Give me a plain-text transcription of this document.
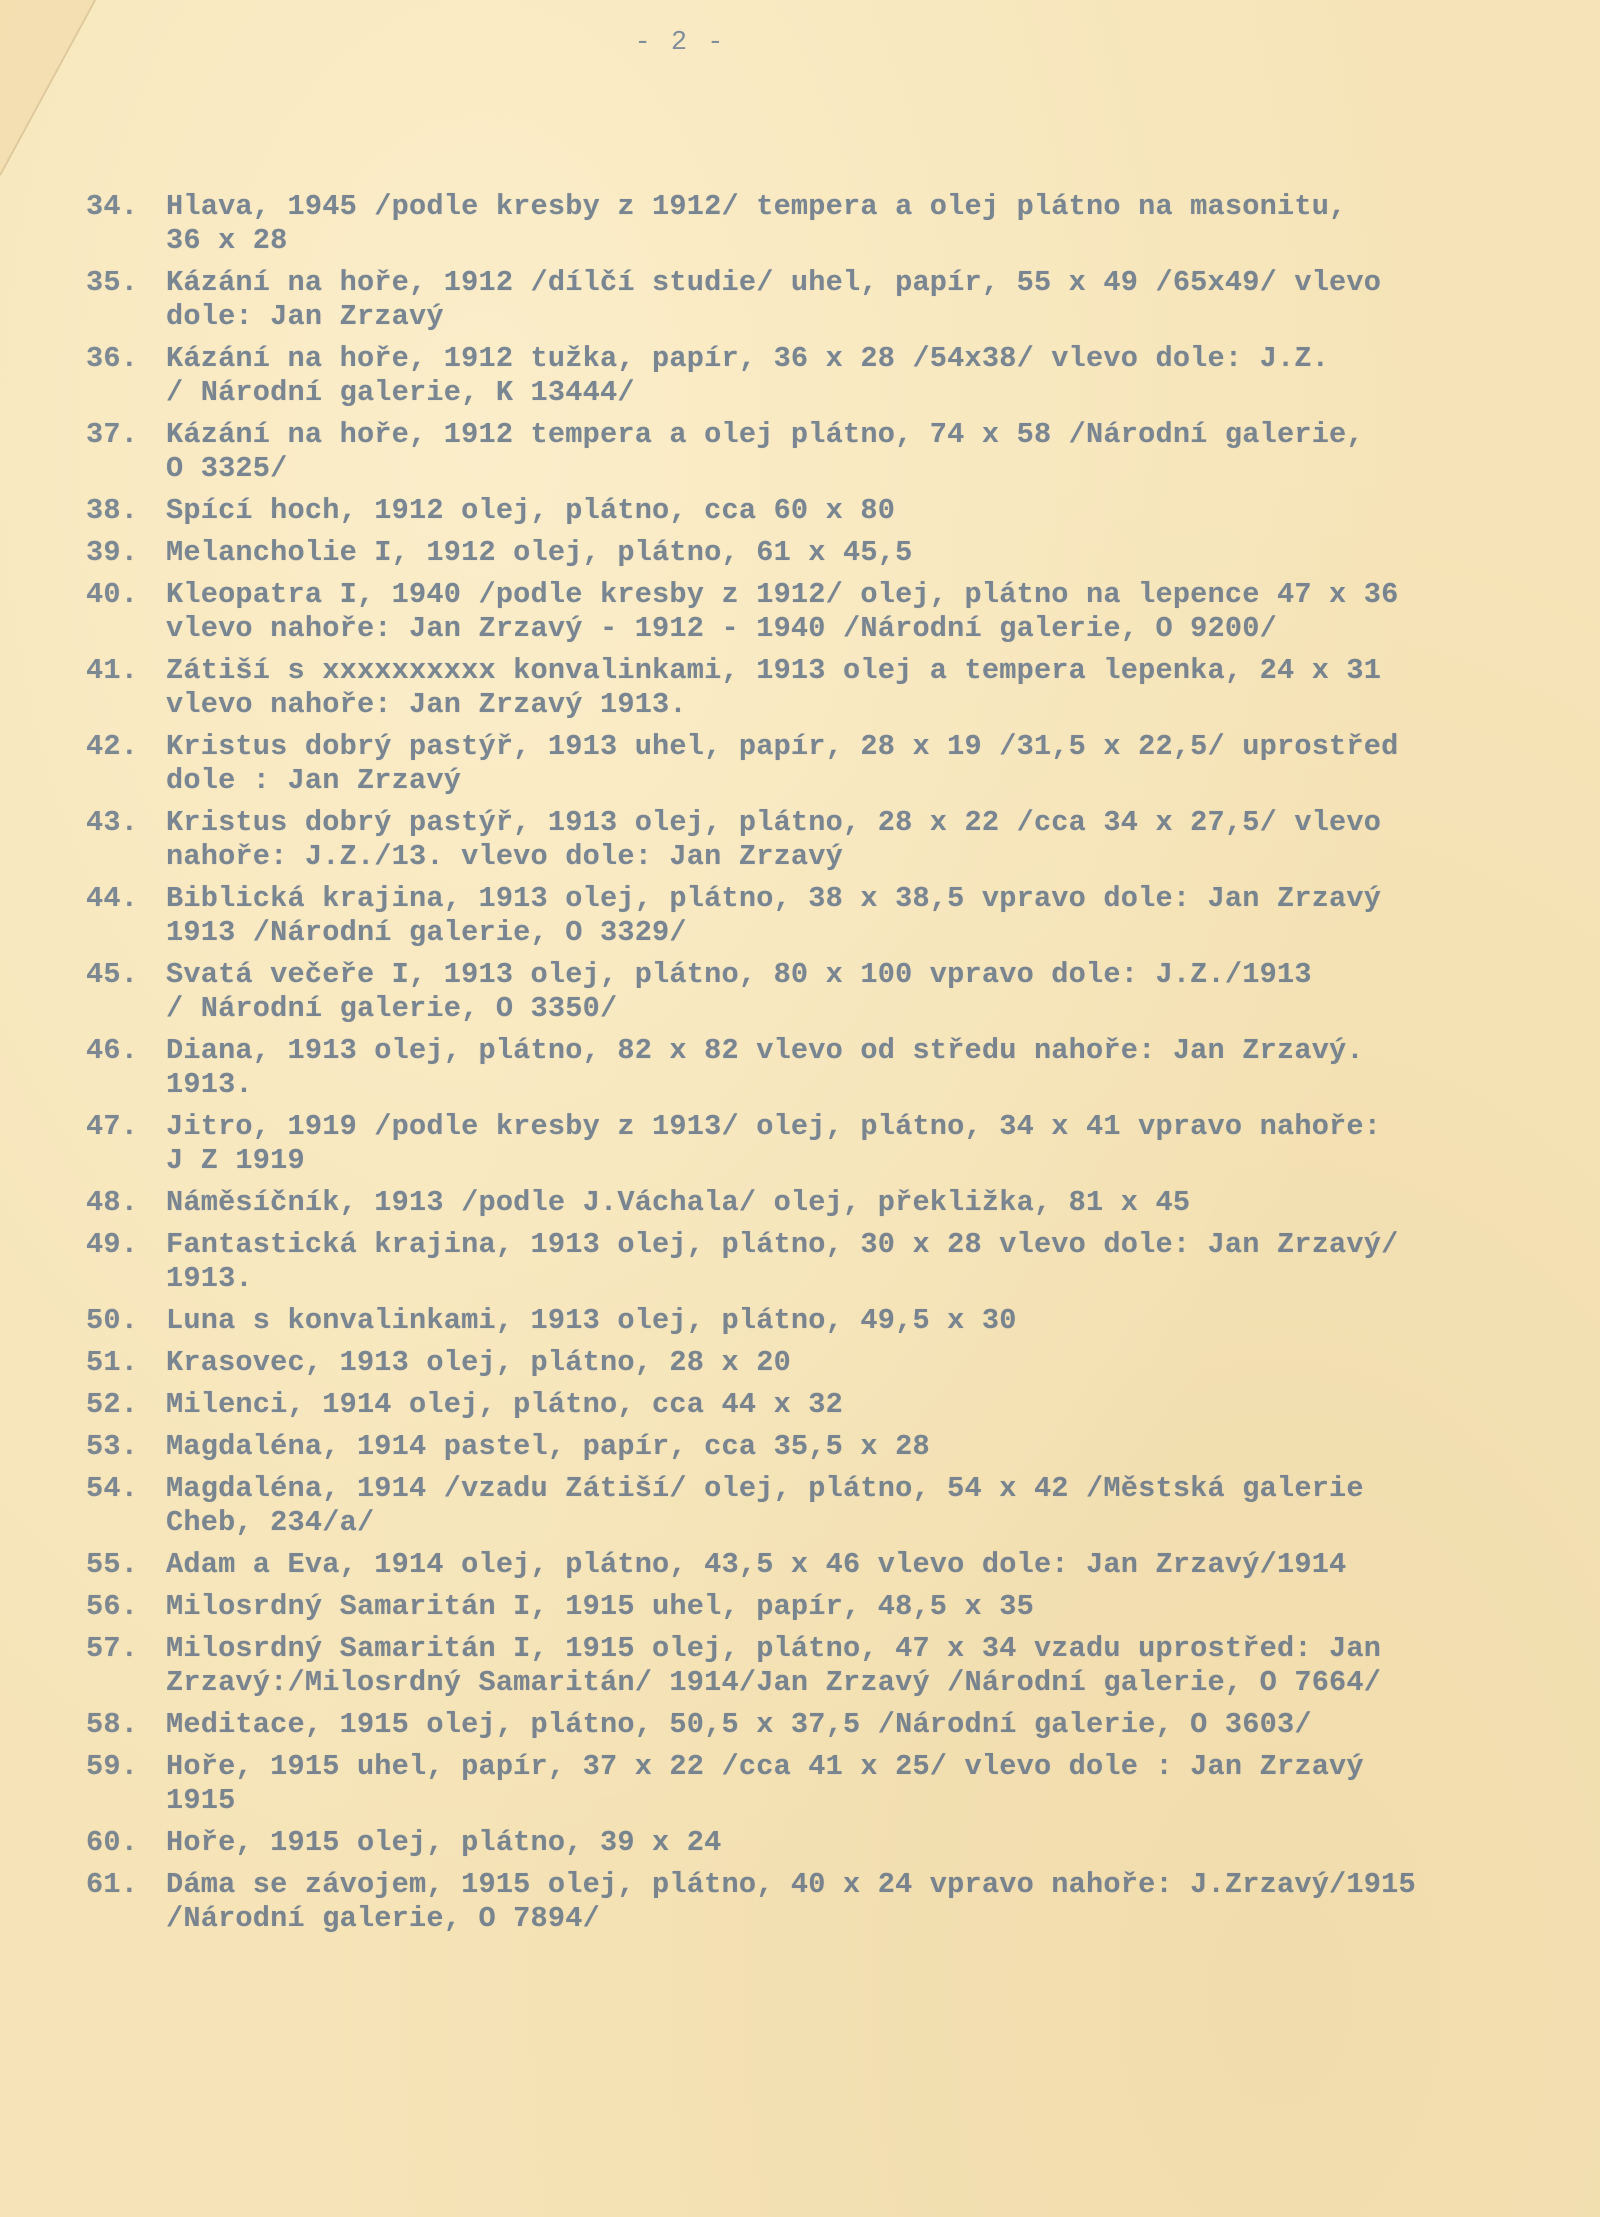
- 2 -
34. Hlava, 1945 /podle kresby z 1912/ tempera a olej plátno na masonitu,
36 x 28
35. Kázání na hoře, 1912 /dílčí studie/ uhel, papír, 55 x 49 /65x49/ vlevo
dole: Jan Zrzavý
36. Kázání na hoře, 1912 tužka, papír, 36 x 28 /54x38/ vlevo dole: J.Z.
/ Národní galerie, K 13444/
37. Kázání na hoře, 1912 tempera a olej plátno, 74 x 58 /Národní galerie,
O 3325/
38. Spící hoch, 1912 olej, plátno, cca 60 x 80
39. Melancholie I, 1912 olej, plátno, 61 x 45,5
40. Kleopatra I, 1940 /podle kresby z 1912/ olej, plátno na lepence 47 x 36
vlevo nahoře: Jan Zrzavý - 1912 - 1940 /Národní galerie, O 9200/
41. Zátiší s xxxxxxxxxx konvalinkami, 1913 olej a tempera lepenka, 24 x 31
vlevo nahoře: Jan Zrzavý 1913.
42. Kristus dobrý pastýř, 1913 uhel, papír, 28 x 19 /31,5 x 22,5/ uprostřed
dole : Jan Zrzavý
43. Kristus dobrý pastýř, 1913 olej, plátno, 28 x 22 /cca 34 x 27,5/ vlevo
nahoře: J.Z./13. vlevo dole: Jan Zrzavý
44. Biblická krajina, 1913 olej, plátno, 38 x 38,5 vpravo dole: Jan Zrzavý
1913 /Národní galerie, O 3329/
45. Svatá večeře I, 1913 olej, plátno, 80 x 100 vpravo dole: J.Z./1913
/ Národní galerie, O 3350/
46. Diana, 1913 olej, plátno, 82 x 82 vlevo od středu nahoře: Jan Zrzavý.
1913.
47. Jitro, 1919 /podle kresby z 1913/ olej, plátno, 34 x 41 vpravo nahoře:
J Z 1919
48. Náměsíčník, 1913 /podle J.Váchala/ olej, překližka, 81 x 45
49. Fantastická krajina, 1913 olej, plátno, 30 x 28 vlevo dole: Jan Zrzavý/
1913.
50. Luna s konvalinkami, 1913 olej, plátno, 49,5 x 30
51. Krasovec, 1913 olej, plátno, 28 x 20
52. Milenci, 1914 olej, plátno, cca 44 x 32
53. Magdaléna, 1914 pastel, papír, cca 35,5 x 28
54. Magdaléna, 1914 /vzadu Zátiší/ olej, plátno, 54 x 42 /Městská galerie
Cheb, 234/a/
55. Adam a Eva, 1914 olej, plátno, 43,5 x 46 vlevo dole: Jan Zrzavý/1914
56. Milosrdný Samaritán I, 1915 uhel, papír, 48,5 x 35
57. Milosrdný Samaritán I, 1915 olej, plátno, 47 x 34 vzadu uprostřed: Jan
Zrzavý:/Milosrdný Samaritán/ 1914/Jan Zrzavý /Národní galerie, O 7664/
58. Meditace, 1915 olej, plátno, 50,5 x 37,5 /Národní galerie, O 3603/
59. Hoře, 1915 uhel, papír, 37 x 22 /cca 41 x 25/ vlevo dole : Jan Zrzavý
1915
60. Hoře, 1915 olej, plátno, 39 x 24
61. Dáma se závojem, 1915 olej, plátno, 40 x 24 vpravo nahoře: J.Zrzavý/1915
/Národní galerie, O 7894/
